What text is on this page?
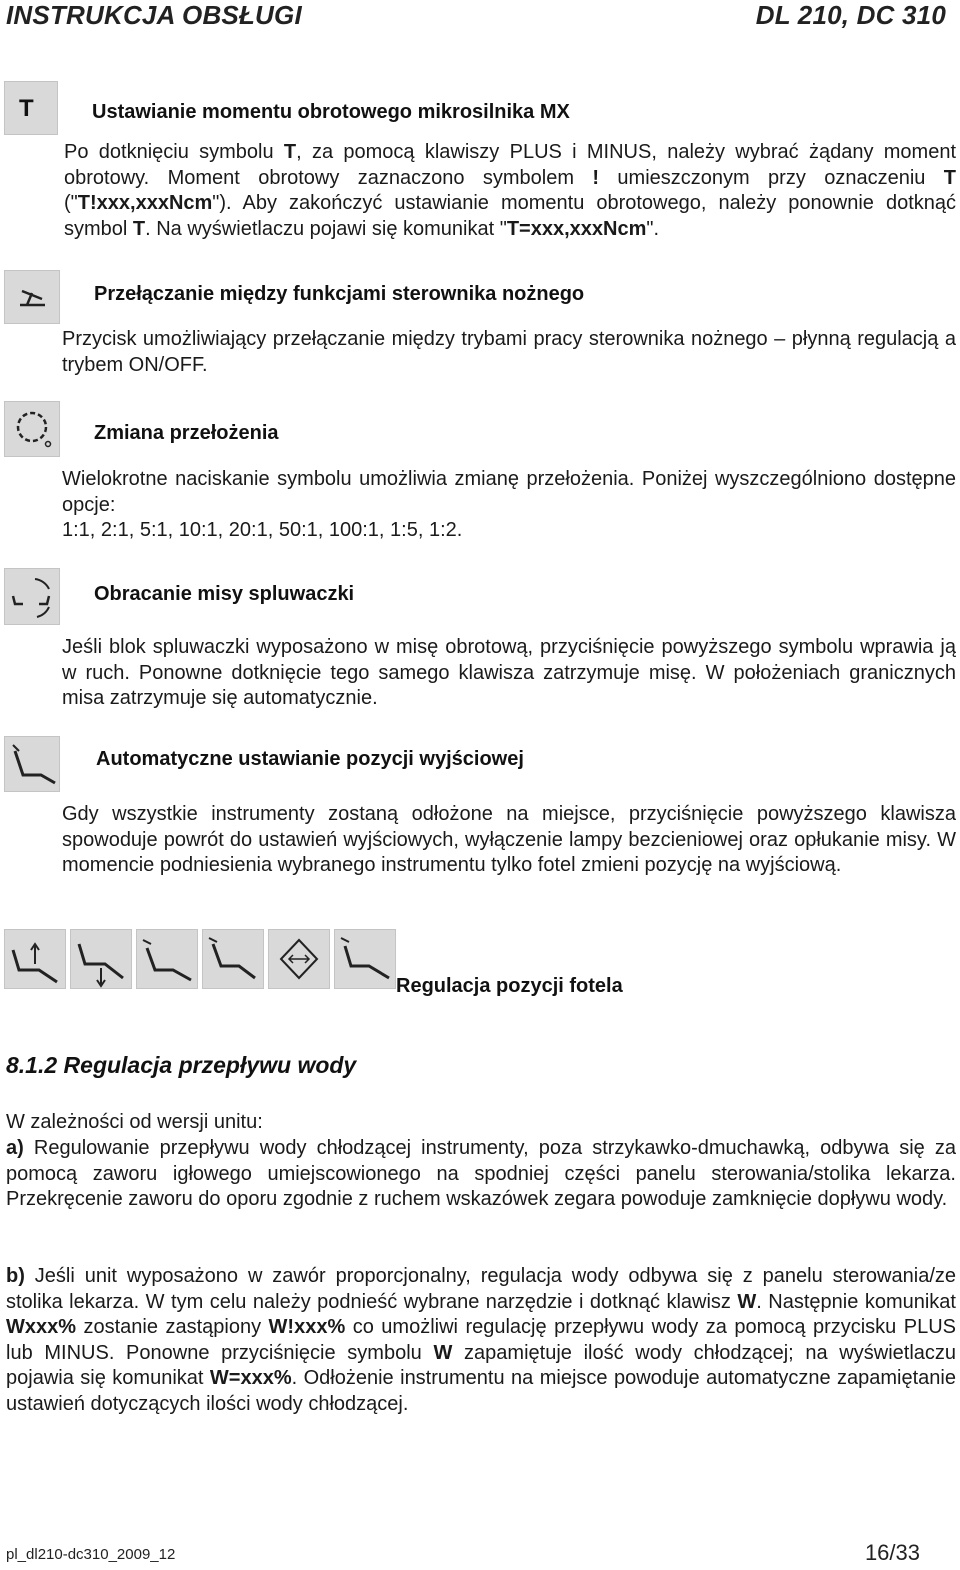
INSTRUKCJA OBSŁUGI	DL 210, DC 310
T	Ustawianie momentu obrotowego mikrosilnika MX
Po dotknięciu symbolu T, za pomocą klawiszy PLUS i MINUS, należy wybrać żądany moment obrotowy. Moment obrotowy zaznaczono symbolem ! umieszczonym przy oznaczeniu T ("T!xxx,xxxNcm"). Aby zakończyć ustawianie momentu obrotowego, należy ponownie dotknąć symbol T. Na wyświetlaczu pojawi się komunikat "T=xxx,xxxNcm".
Przełączanie między funkcjami sterownika nożnego
Przycisk umożliwiający przełączanie między trybami pracy sterownika nożnego – płynną regulacją a trybem ON/OFF.
Zmiana przełożenia
Wielokrotne naciskanie symbolu umożliwia zmianę przełożenia. Poniżej wyszczególniono dostępne opcje:
1:1, 2:1, 5:1, 10:1, 20:1, 50:1, 100:1, 1:5, 1:2.
Obracanie misy spluwaczki
Jeśli blok spluwaczki wyposażono w misę obrotową, przyciśnięcie powyższego symbolu wprawia ją w ruch. Ponowne dotknięcie tego samego klawisza zatrzymuje misę. W położeniach granicznych misa zatrzymuje się automatycznie.
Automatyczne ustawianie pozycji wyjściowej
Gdy wszystkie instrumenty zostaną odłożone na miejsce, przyciśnięcie powyższego klawisza spowoduje powrót do ustawień wyjściowych, wyłączenie lampy bezcieniowej oraz opłukanie misy. W momencie podniesienia wybranego instrumentu tylko fotel zmieni pozycję na wyjściową.
Regulacja pozycji fotela
8.1.2 Regulacja przepływu wody
W zależności od wersji unitu:
a) Regulowanie przepływu wody chłodzącej instrumenty, poza strzykawko-dmuchawką, odbywa się za pomocą zaworu igłowego umiejscowionego na spodniej części panelu sterowania/stolika lekarza. Przekręcenie zaworu do oporu zgodnie z ruchem wskazówek zegara powoduje zamknięcie dopływu wody.
b) Jeśli unit wyposażono w zawór proporcjonalny, regulacja wody odbywa się z panelu sterowania/ze stolika lekarza. W tym celu należy podnieść wybrane narzędzie i dotknąć klawisz W. Następnie komunikat Wxxx% zostanie zastąpiony W!xxx% co umożliwi regulację przepływu wody za pomocą przycisku PLUS lub MINUS. Ponowne przyciśnięcie symbolu W zapamiętuje ilość wody chłodzącej; na wyświetlaczu pojawia się komunikat W=xxx%. Odłożenie instrumentu na miejsce powoduje automatyczne zapamiętanie ustawień dotyczących ilości wody chłodzącej.
pl_dl210-dc310_2009_12	16/33
